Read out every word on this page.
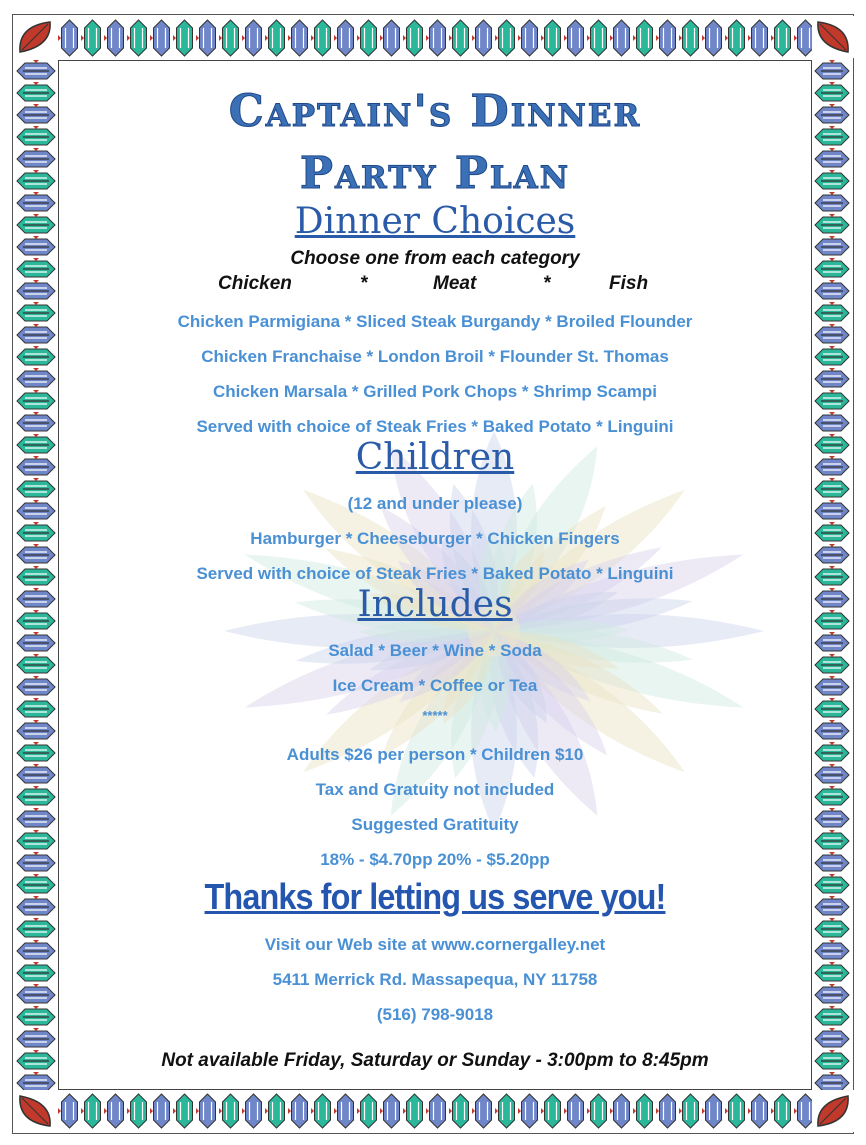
Captain's Dinner
Party Plan
Dinner Choices
Choose one from each category
Chicken	*	Meat	*	Fish
Chicken Parmigiana * Sliced Steak Burgandy * Broiled Flounder
Chicken Franchaise * London Broil * Flounder St. Thomas
Chicken Marsala * Grilled Pork Chops * Shrimp Scampi
Served with choice of Steak Fries * Baked Potato * Linguini
Children
(12 and under please)
Hamburger * Cheeseburger * Chicken Fingers
Served with choice of Steak Fries * Baked Potato * Linguini
Includes
Salad * Beer * Wine * Soda
Ice Cream * Coffee or Tea
*****
Adults $26 per person * Children $10
Tax and Gratuity not included
Suggested Gratituity
18% - $4.70pp 20% - $5.20pp
Thanks for letting us serve you!
Visit our Web site at www.cornergalley.net
5411 Merrick Rd. Massapequa, NY 11758
(516) 798-9018
Not available Friday, Saturday or Sunday - 3:00pm to 8:45pm
